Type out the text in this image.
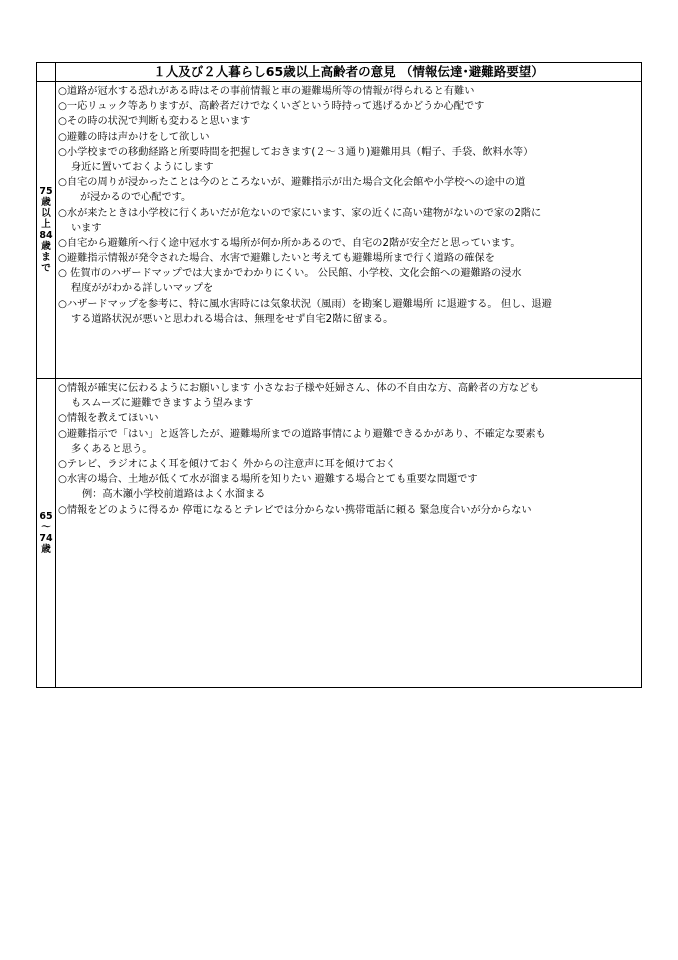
１人及び２人暮らし65歳以上高齢者の意見 （情報伝達･避難路要望）
75
歳
以
上
84
歳
ま
で
○道路が冠水する恐れがある時はその事前情報と車の避難場所等の情報が得られると有難い
○一応リュック等ありますが、高齢者だけでなくいざという時持って逃げるかどうか心配です
○その時の状況で判断も変わると思います
○避難の時は声かけをして欲しい
○小学校までの移動経路と所要時間を把握しておきます(２～３通り)避難用具（帽子、手袋、飲料水等）
身近に置いておくようにします
○自宅の周りが浸かったことは今のところないが、避難指示が出た場合文化会館や小学校への途中の道
が浸かるので心配です。
○水が来たときは小学校に行くあいだが危ないので家にいます、家の近くに高い建物がないので家の2階に
います
○自宅から避難所へ行く途中冠水する場所が何か所かあるので、自宅の2階が安全だと思っています。
○避難指示情報が発令された場合、水害で避難したいと考えても避難場所まで行く道路の確保を
○ 佐賀市のハザードマップでは大まかでわかりにくい。 公民館、小学校、文化会館への避難路の浸水
程度ががわかる詳しいマップを
○ハザードマップを参考に、特に風水害時には気象状況（風雨）を勘案し避難場所 に退避する。 但し、退避
する道路状況が悪いと思われる場合は、無理をせず自宅2階に留まる。
65
～
74
歳
○情報が確実に伝わるようにお願いします 小さなお子様や妊婦さん、体の不自由な方、高齢者の方なども
もスムーズに避難できますよう望みます
○情報を教えてほいい
○避難指示で「はい」と返答したが、避難場所までの道路事情により避難できるかがあり、不確定な要素も
多くあると思う。
○テレビ、ラジオによく耳を傾けておく 外からの注意声に耳を傾けておく
○水害の場合、土地が低くて水が溜まる場所を知りたい 避難する場合とても重要な問題です
例：高木瀬小学校前道路はよく水溜まる
○情報をどのように得るか 停電になるとテレビでは分からない携帯電話に頼る 緊急度合いが分からない
